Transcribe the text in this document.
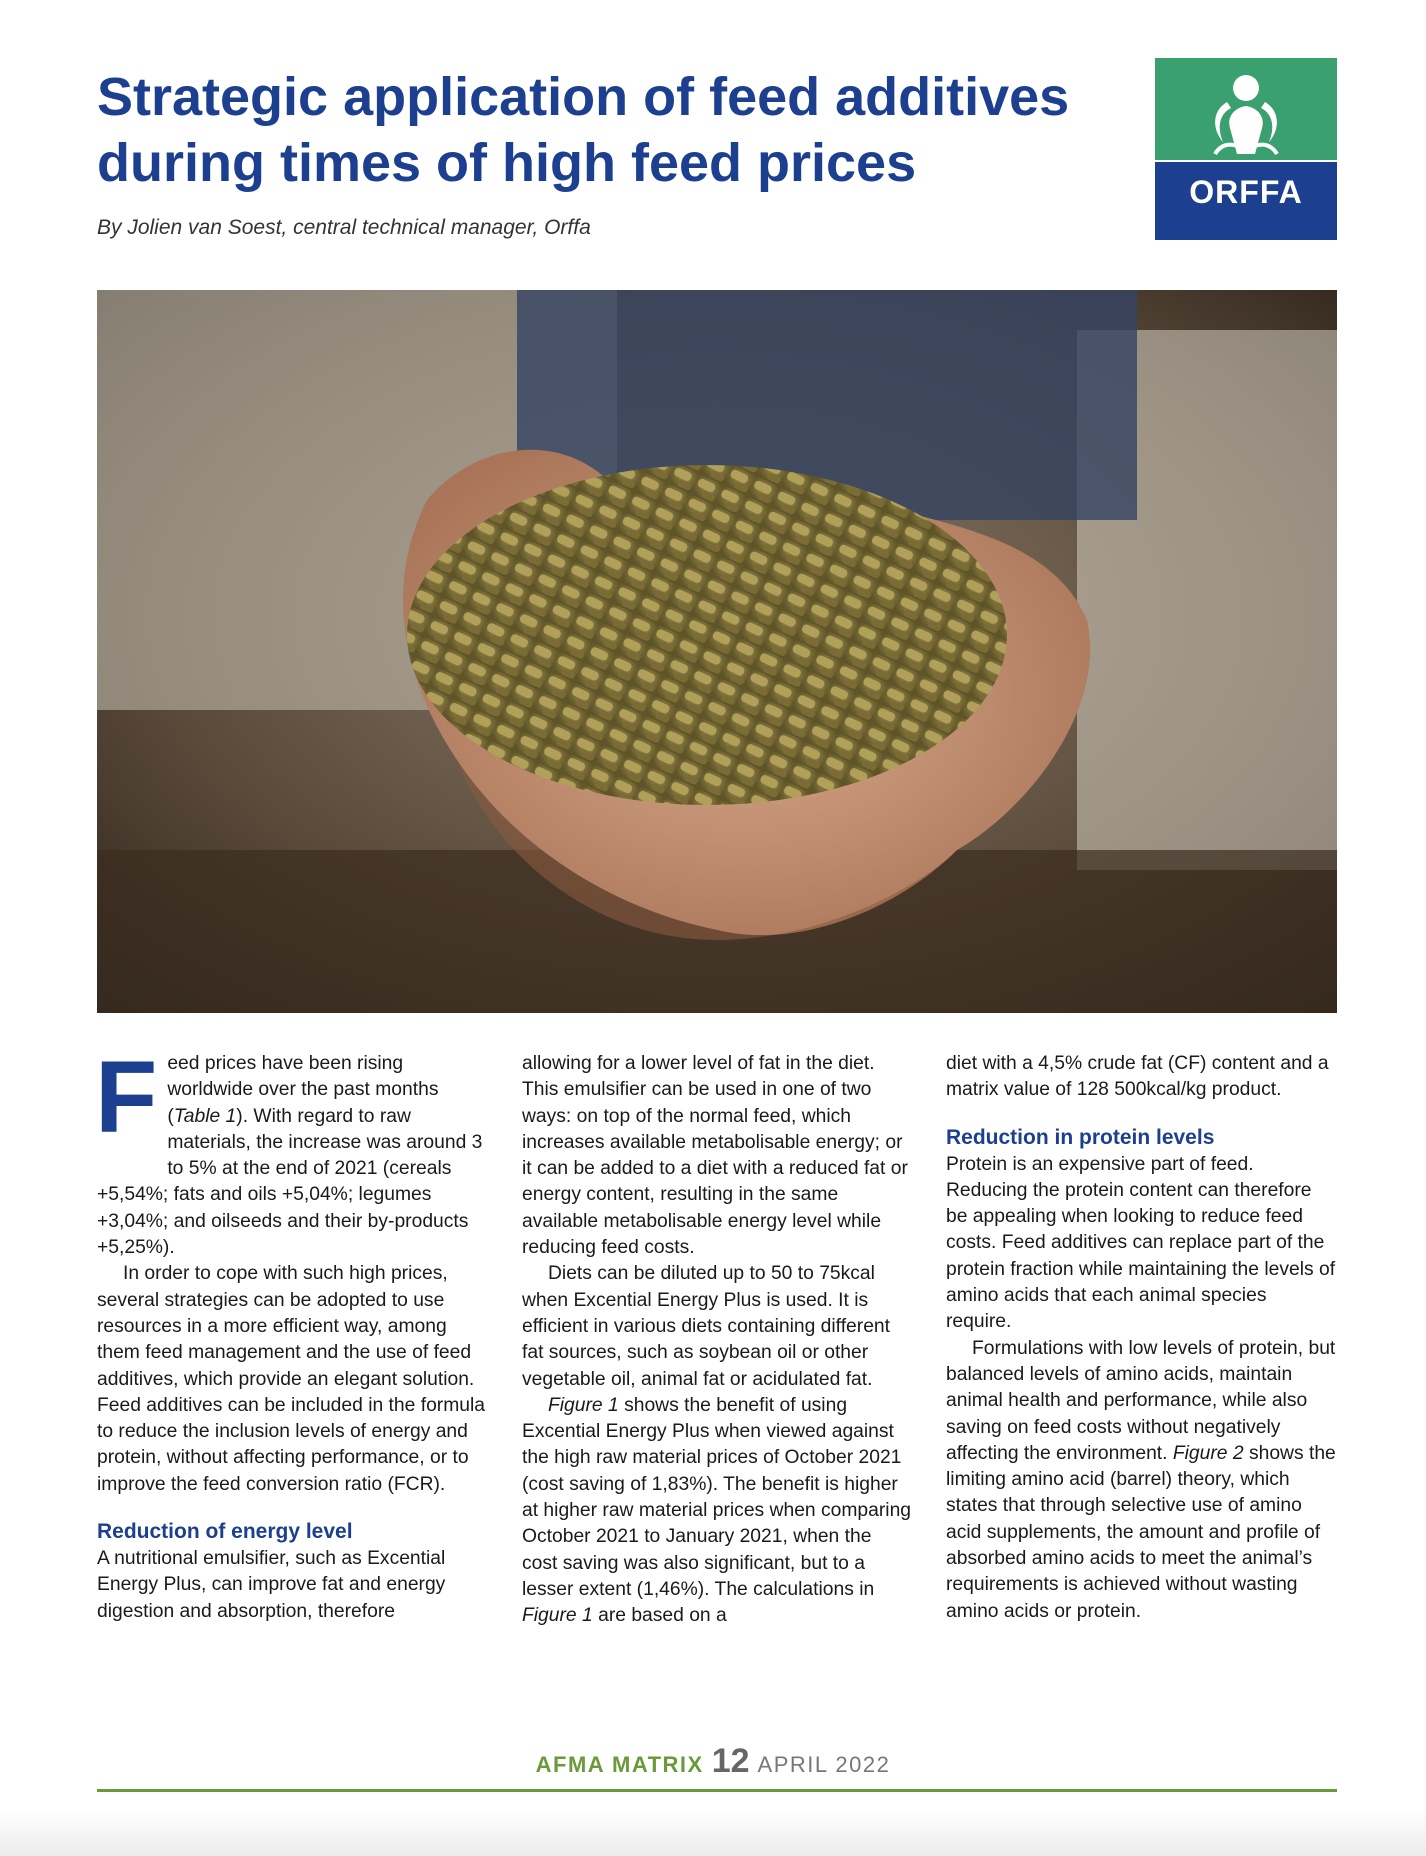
Strategic application of feed additives during times of high feed prices

By Jolien van Soest, central technical manager, Orffa

ORFFA

Feed prices have been rising worldwide over the past months (Table 1). With regard to raw materials, the increase was around 3 to 5% at the end of 2021 (cereals +5,54%; fats and oils +5,04%; legumes +3,04%; and oilseeds and their by-products +5,25%).

In order to cope with such high prices, several strategies can be adopted to use resources in a more efficient way, among them feed management and the use of feed additives, which provide an elegant solution. Feed additives can be included in the formula to reduce the inclusion levels of energy and protein, without affecting performance, or to improve the feed conversion ratio (FCR).

Reduction of energy level

A nutritional emulsifier, such as Excential Energy Plus, can improve fat and energy digestion and absorption, therefore

allowing for a lower level of fat in the diet. This emulsifier can be used in one of two ways: on top of the normal feed, which increases available metabolisable energy; or it can be added to a diet with a reduced fat or energy content, resulting in the same available metabolisable energy level while reducing feed costs.

Diets can be diluted up to 50 to 75kcal when Excential Energy Plus is used. It is efficient in various diets containing different fat sources, such as soybean oil or other vegetable oil, animal fat or acidulated fat.

Figure 1 shows the benefit of using Excential Energy Plus when viewed against the high raw material prices of October 2021 (cost saving of 1,83%). The benefit is higher at higher raw material prices when comparing October 2021 to January 2021, when the cost saving was also significant, but to a lesser extent (1,46%). The calculations in Figure 1 are based on a

diet with a 4,5% crude fat (CF) content and a matrix value of 128 500kcal/kg product.

Reduction in protein levels

Protein is an expensive part of feed. Reducing the protein content can therefore be appealing when looking to reduce feed costs. Feed additives can replace part of the protein fraction while maintaining the levels of amino acids that each animal species require.

Formulations with low levels of protein, but balanced levels of amino acids, maintain animal health and performance, while also saving on feed costs without negatively affecting the environment. Figure 2 shows the limiting amino acid (barrel) theory, which states that through selective use of amino acid supplements, the amount and profile of absorbed amino acids to meet the animal’s requirements is achieved without wasting amino acids or protein.

AFMA MATRIX 12 APRIL 2022
